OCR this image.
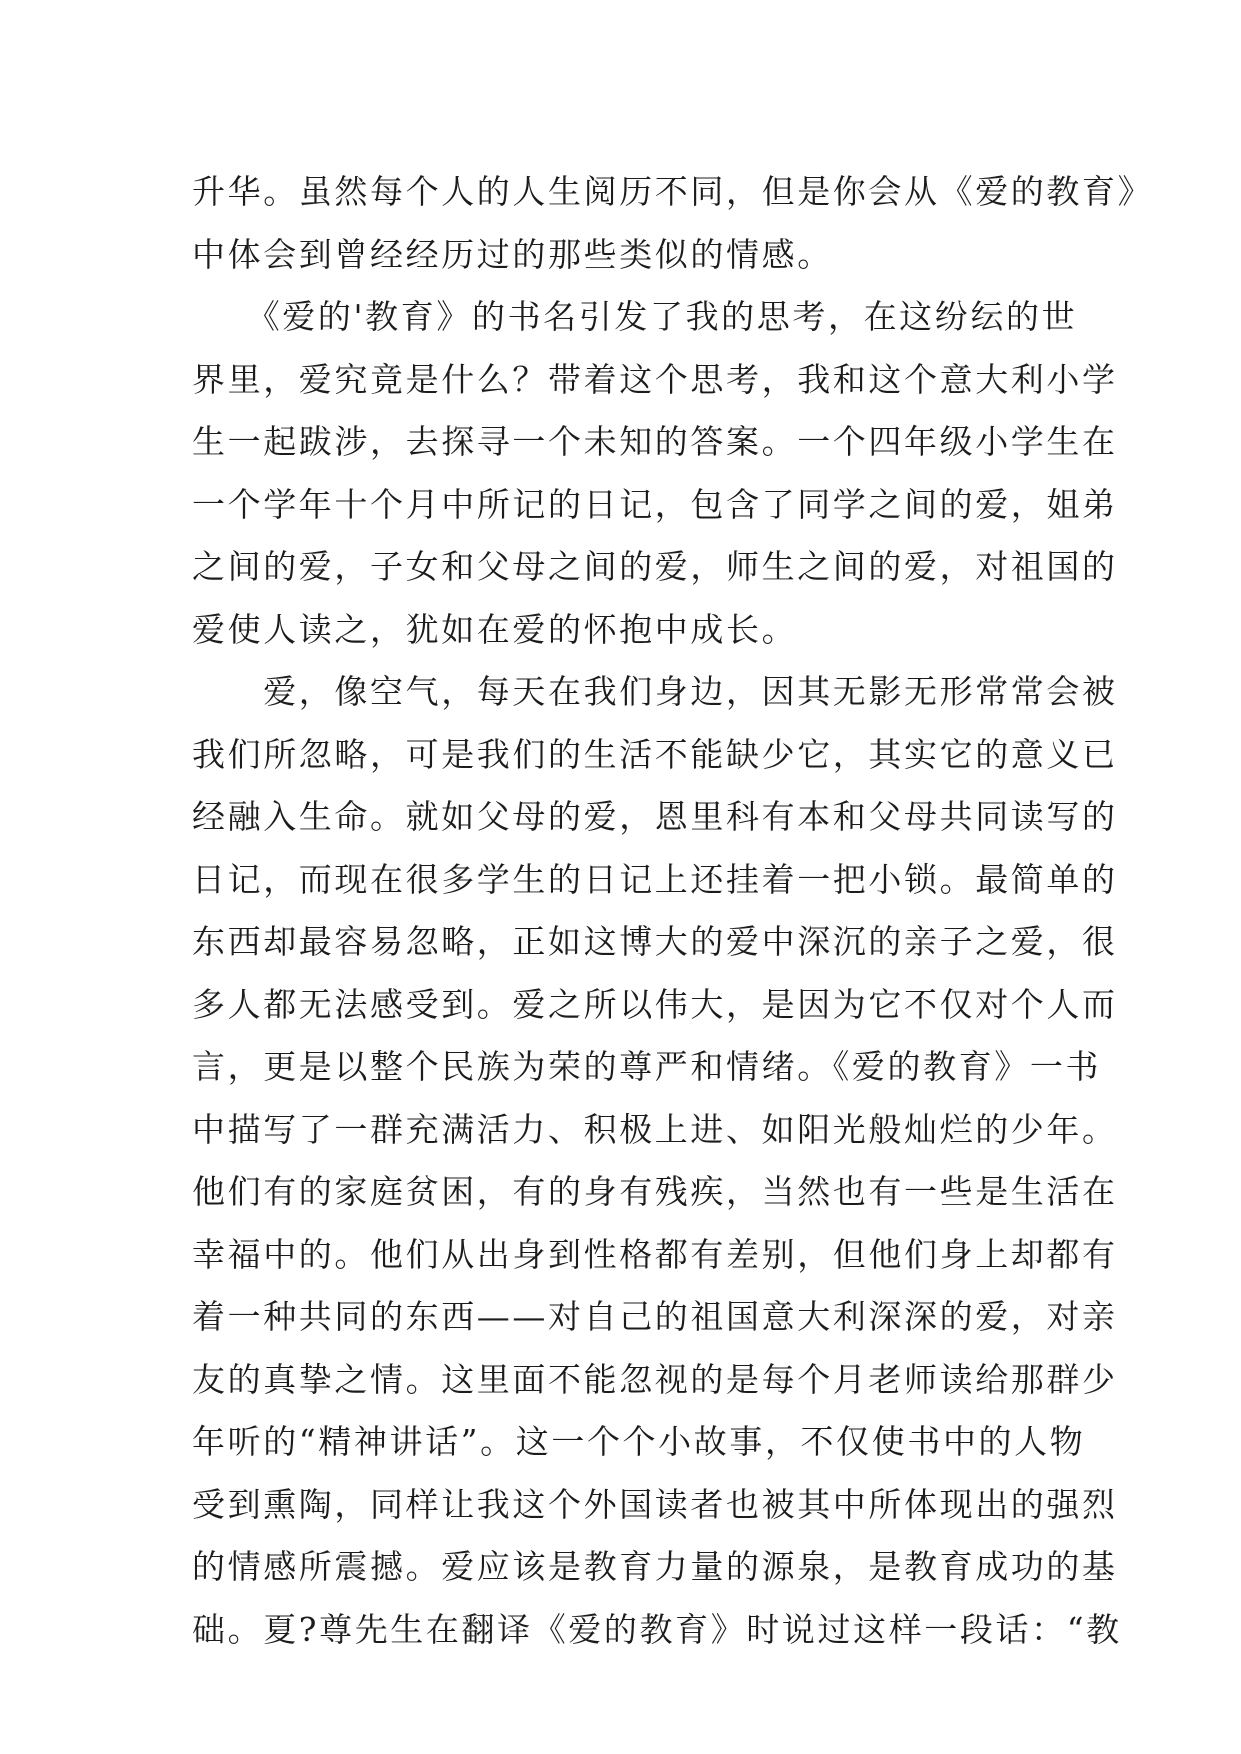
升华。虽然每个人的人生阅历不同，但是你会从《爱的教育》
中体会到曾经经历过的那些类似的情感。
　　《爱的'教育》的书名引发了我的思考，在这纷纭的世
界里，爱究竟是什么？带着这个思考，我和这个意大利小学
生一起跋涉，去探寻一个未知的答案。一个四年级小学生在
一个学年十个月中所记的日记，包含了同学之间的爱，姐弟
之间的爱，子女和父母之间的爱，师生之间的爱，对祖国的
爱使人读之，犹如在爱的怀抱中成长。
　　爱，像空气，每天在我们身边，因其无影无形常常会被
我们所忽略，可是我们的生活不能缺少它，其实它的意义已
经融入生命。就如父母的爱，恩里科有本和父母共同读写的
日记，而现在很多学生的日记上还挂着一把小锁。最简单的
东西却最容易忽略，正如这博大的爱中深沉的亲子之爱，很
多人都无法感受到。爱之所以伟大，是因为它不仅对个人而
言，更是以整个民族为荣的尊严和情绪。《爱的教育》一书
中描写了一群充满活力、积极上进、如阳光般灿烂的少年。
他们有的家庭贫困，有的身有残疾，当然也有一些是生活在
幸福中的。他们从出身到性格都有差别，但他们身上却都有
着一种共同的东西——对自己的祖国意大利深深的爱，对亲
友的真挚之情。这里面不能忽视的是每个月老师读给那群少
年听的“精神讲话”。这一个个小故事，不仅使书中的人物
受到熏陶，同样让我这个外国读者也被其中所体现出的强烈
的情感所震撼。爱应该是教育力量的源泉，是教育成功的基
础。夏?尊先生在翻译《爱的教育》时说过这样一段话：“教
